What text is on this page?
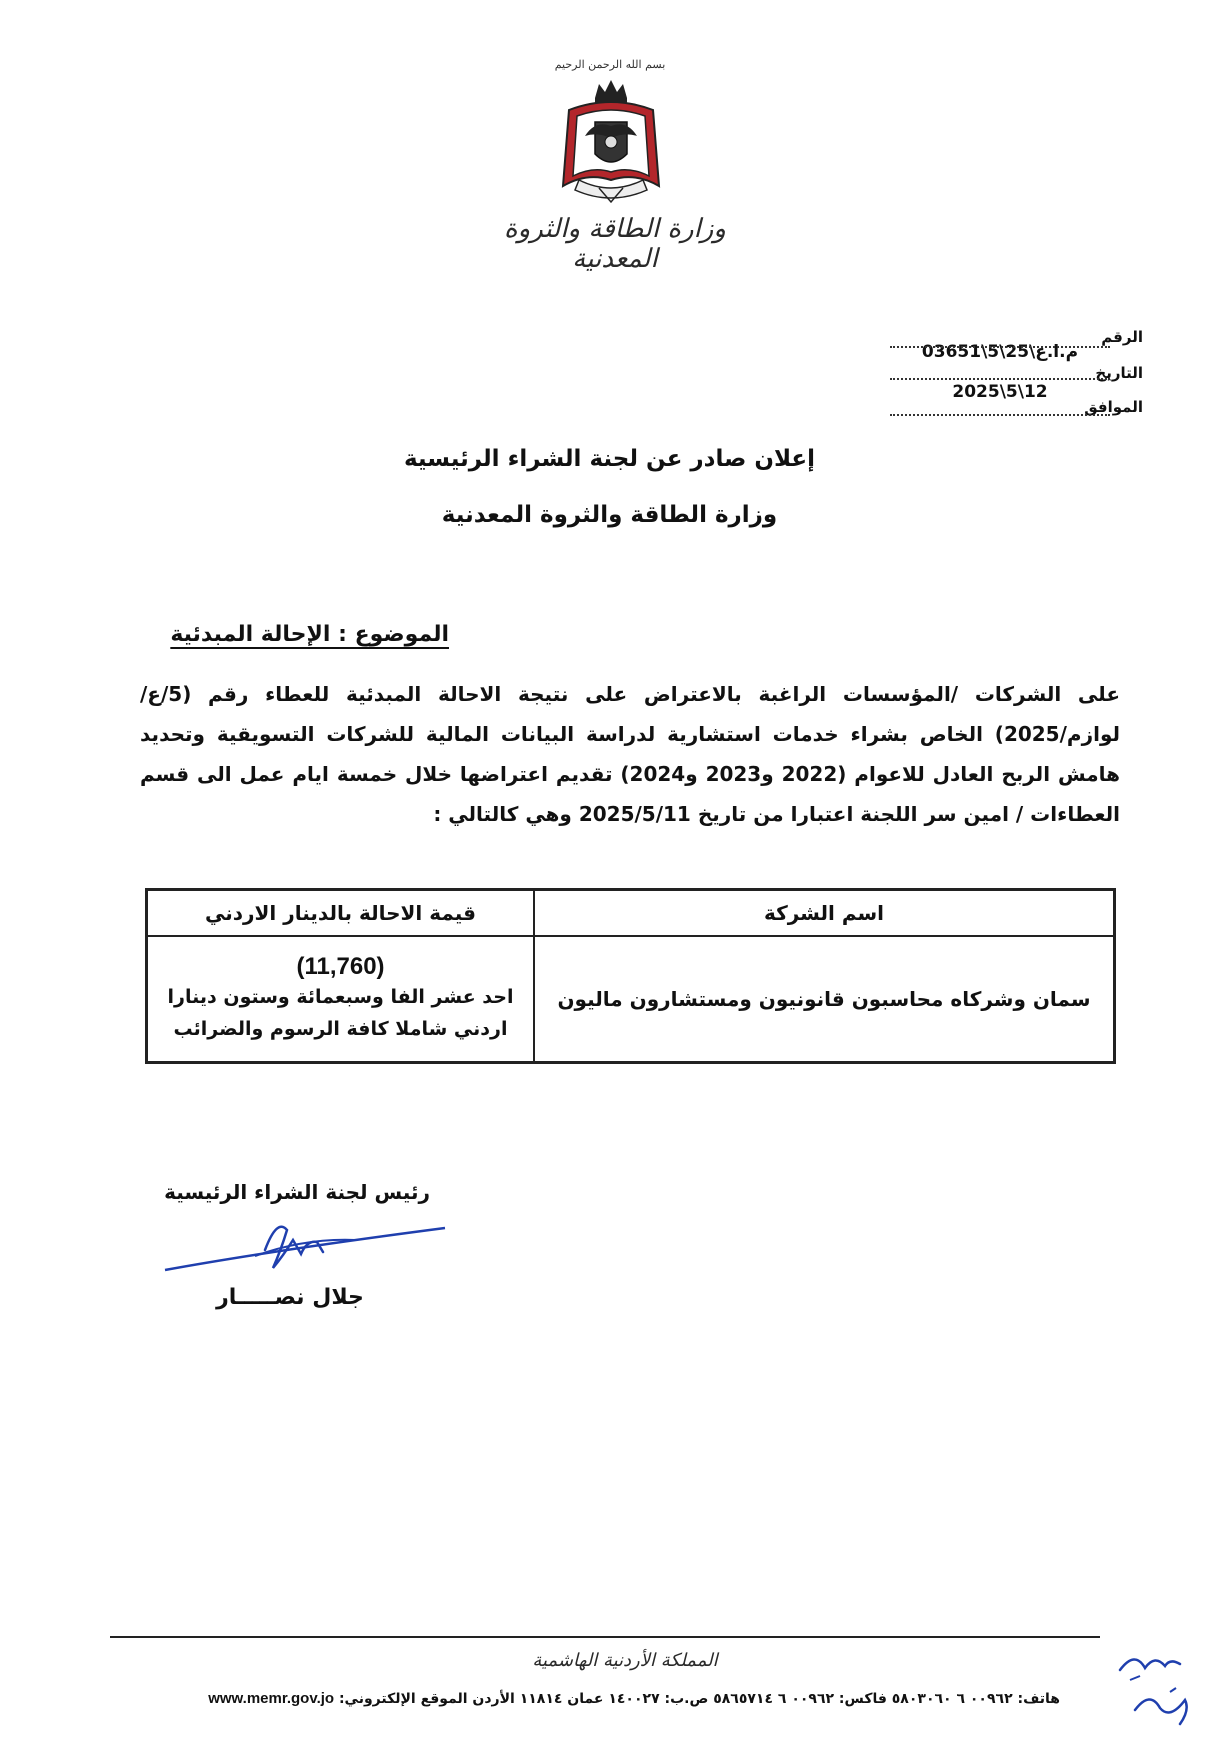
بسم الله الرحمن الرحيم
وزارة الطاقة والثروة المعدنية
الرقم
م.ا.ع\25\5\03651
التاريخ
2025\5\12
الموافق
إعلان صادر عن لجنة الشراء الرئيسية
وزارة الطاقة والثروة المعدنية
الموضوع : الإحالة المبدئية
على الشركات /المؤسسات الراغبة بالاعتراض على نتيجة الاحالة المبدئية للعطاء رقم (5/ع/لوازم/2025) الخاص بشراء خدمات استشارية لدراسة البيانات المالية للشركات التسويقية وتحديد هامش الربح العادل للاعوام (2022 و2023 و2024) تقديم اعتراضها خلال خمسة ايام عمل الى قسم العطاءات / امين سر اللجنة اعتبارا من تاريخ 2025/5/11 وهي كالتالي :
اسم الشركة
قيمة الاحالة بالدينار الاردني
سمان وشركاه محاسبون قانونيون ومستشارون ماليون
(11,760)
احد عشر الفا وسبعمائة وستون دينارا اردني شاملا كافة الرسوم والضرائب
رئيس لجنة الشراء الرئيسية
جلال نصـــــار
المملكة الأردنية الهاشمية
هاتف: ٠٠٩٦٢ ٦ ٥٨٠٣٠٦٠ فاكس: ٠٠٩٦٢ ٦ ٥٨٦٥٧١٤ ص.ب: ١٤٠٠٢٧ عمان ١١٨١٤ الأردن الموقع الإلكتروني: www.memr.gov.jo
